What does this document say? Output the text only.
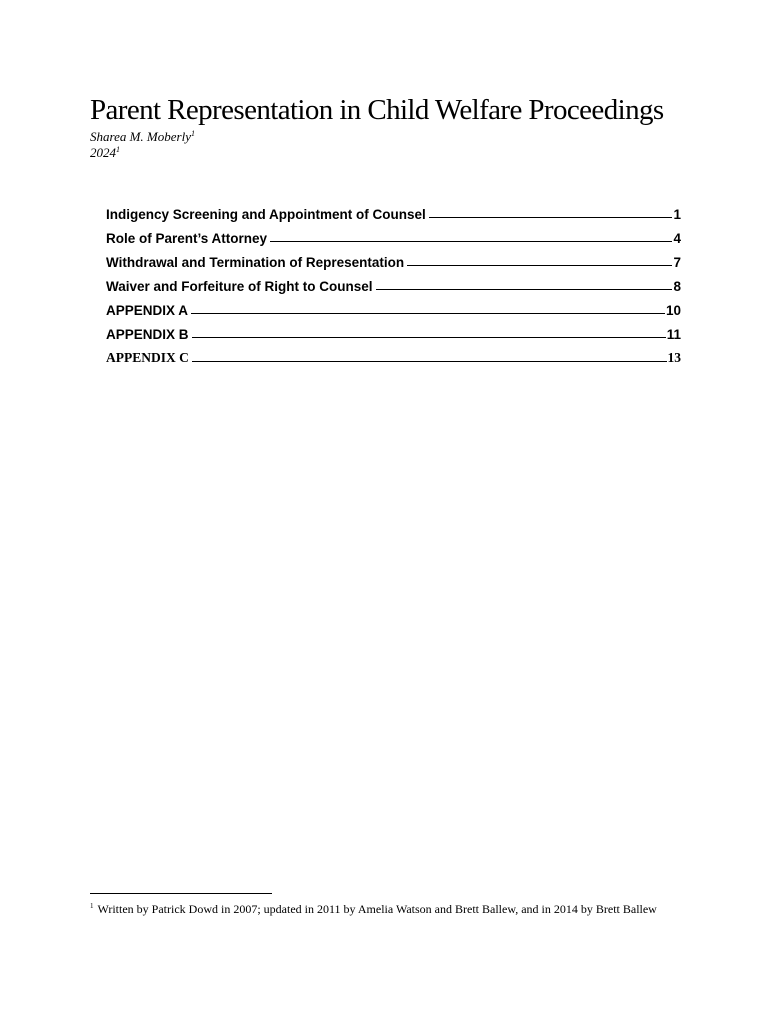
Parent Representation in Child Welfare Proceedings
Sharea M. Moberly$^1$
2024$^1$
Indigency Screening and Appointment of Counsel	1
Role of Parent’s Attorney	4
Withdrawal and Termination of Representation	7
Waiver and Forfeiture of Right to Counsel	8
APPENDIX A	10
APPENDIX B	11
APPENDIX C	13

$^1$ Written by Patrick Dowd in 2007; updated in 2011 by Amelia Watson and Brett Ballew, and in 2014 by Brett Ballew
